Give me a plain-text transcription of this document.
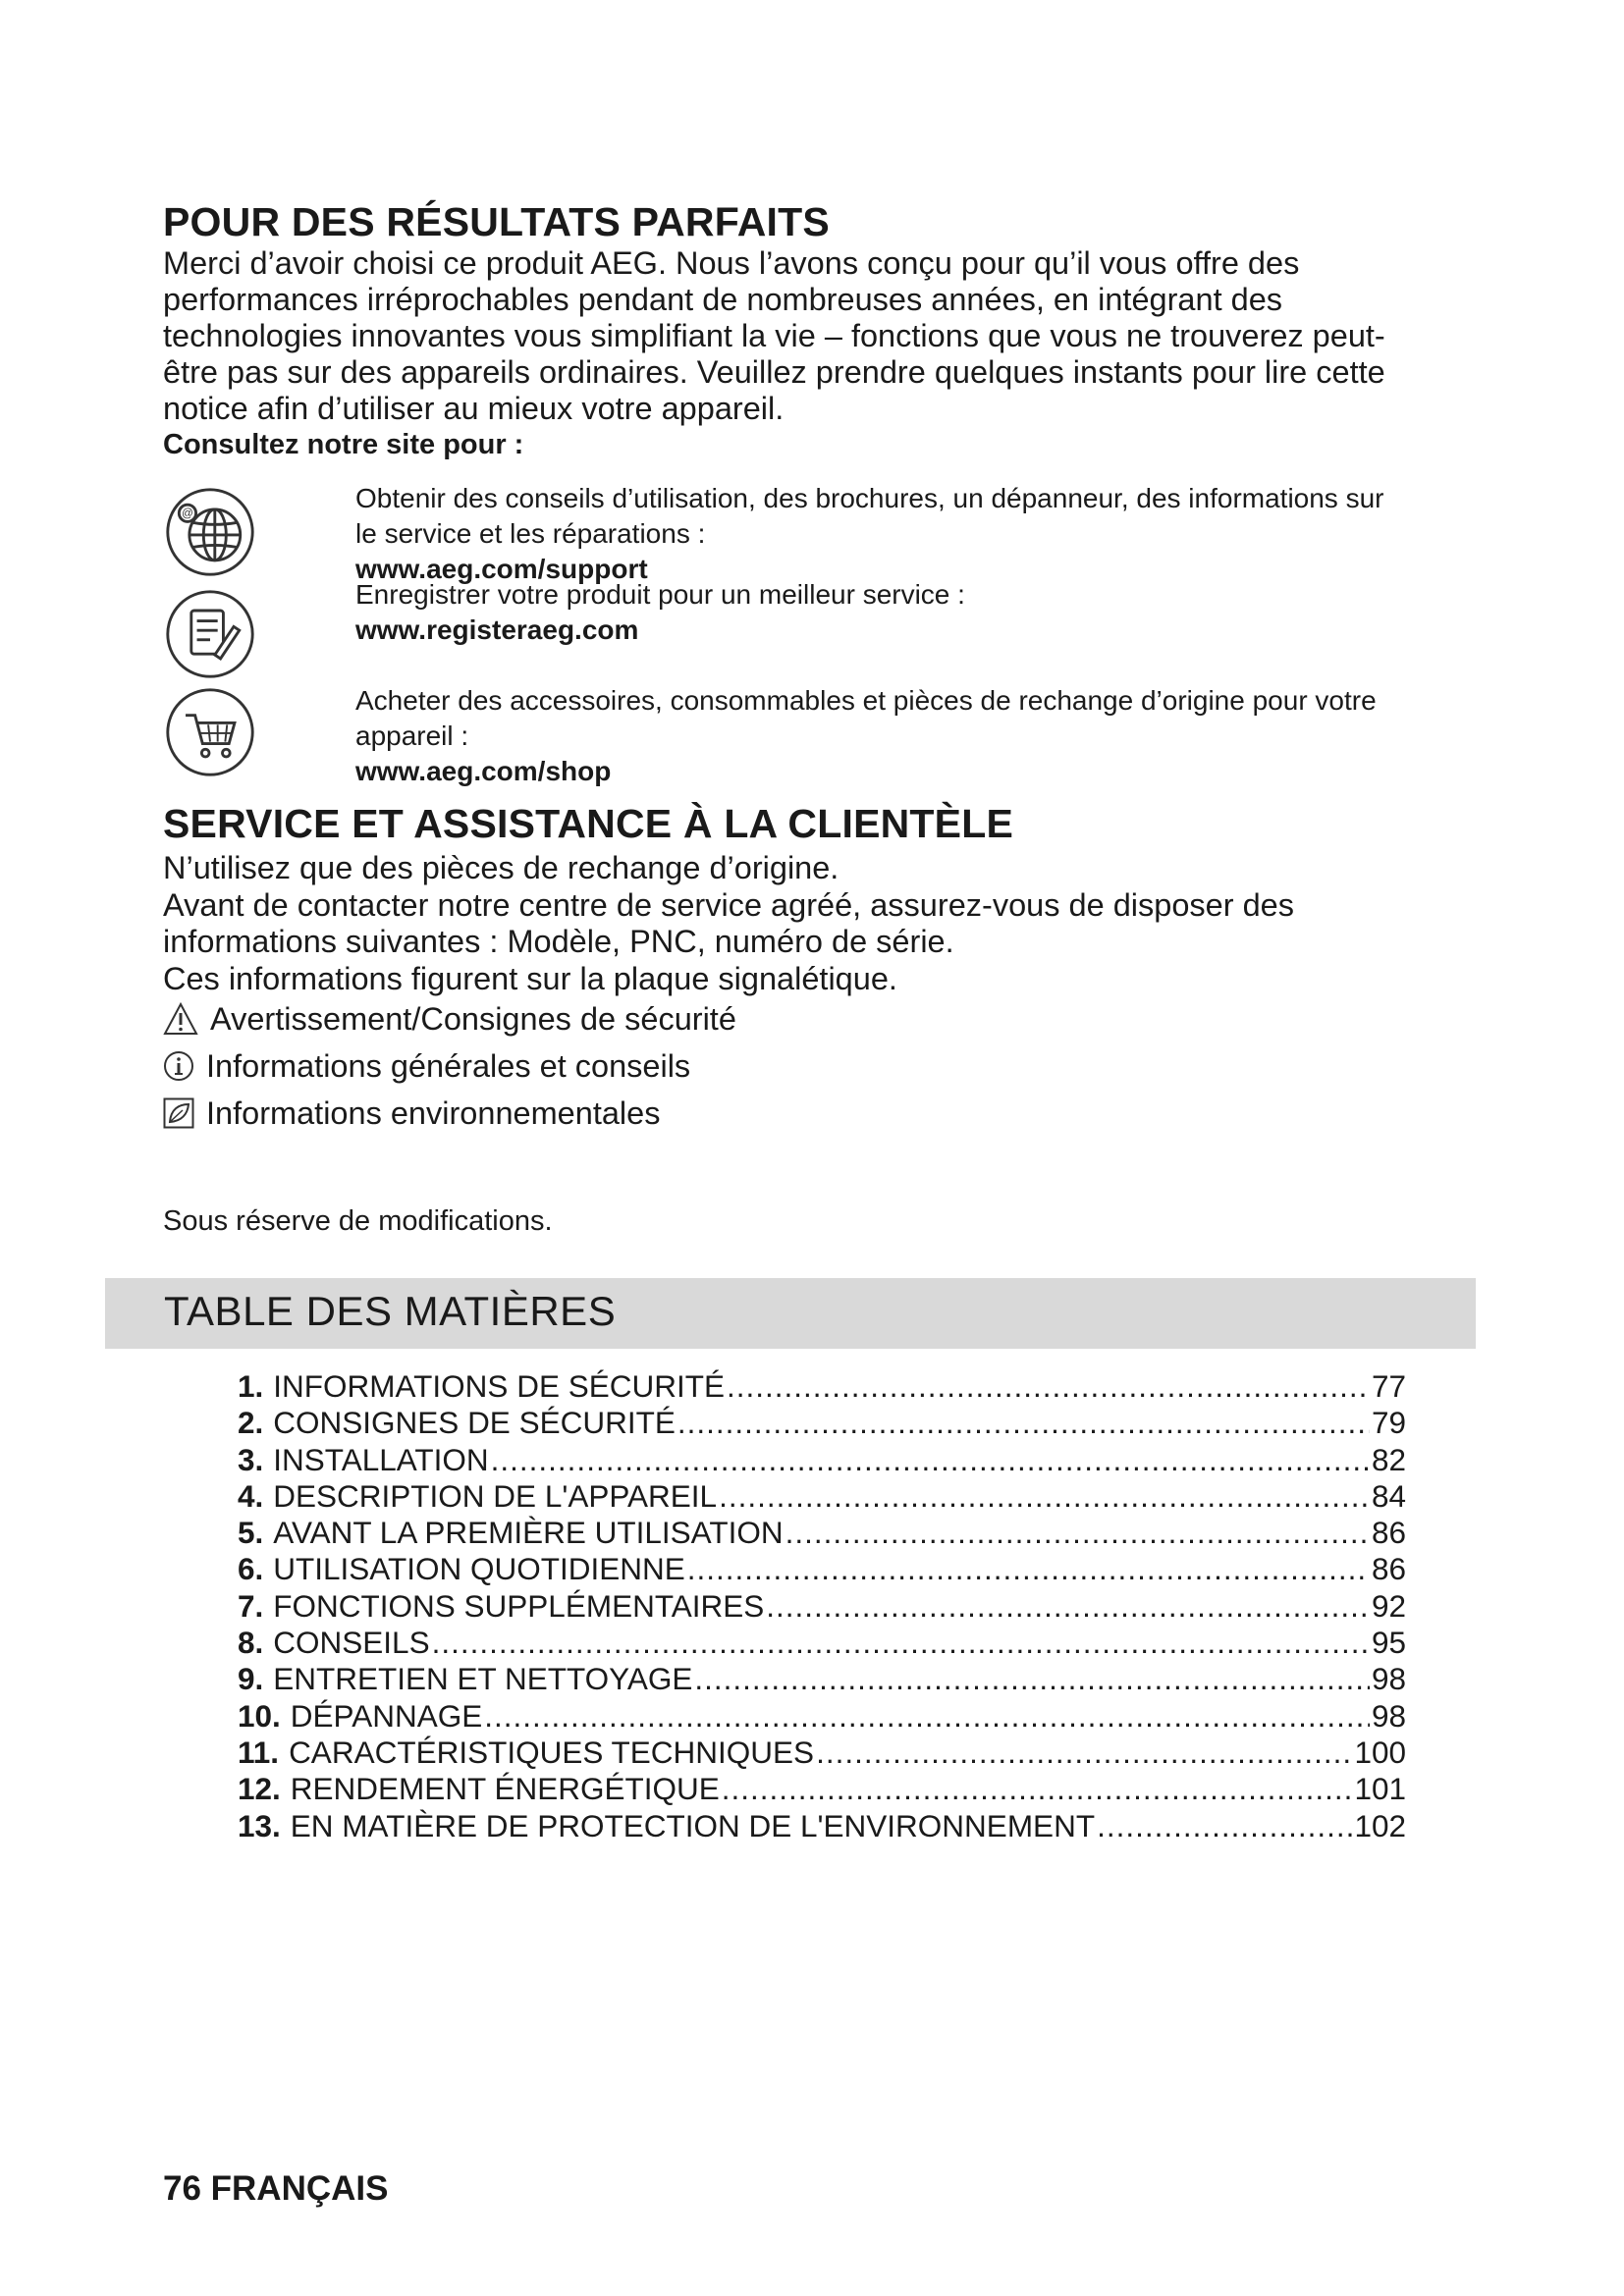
POUR DES RÉSULTATS PARFAITS

Merci d’avoir choisi ce produit AEG. Nous l’avons conçu pour qu’il vous offre des

performances irréprochables pendant de nombreuses années, en intégrant des

technologies innovantes vous simplifiant la vie – fonctions que vous ne trouverez peut-

être pas sur des appareils ordinaires. Veuillez prendre quelques instants pour lire cette

notice afin d’utiliser au mieux votre appareil.

Consultez notre site pour :

@
Obtenir des conseils d’utilisation, des brochures, un dépanneur, des informations sur
le service et les réparations :
www.aeg.com/support
Enregistrer votre produit pour un meilleur service :
www.registeraeg.com
Acheter des accessoires, consommables et pièces de rechange d’origine pour votre
appareil :
www.aeg.com/shop
SERVICE ET ASSISTANCE À LA CLIENTÈLE

N’utilisez que des pièces de rechange d’origine.

Avant de contacter notre centre de service agréé, assurez-vous de disposer des

informations suivantes : Modèle, PNC, numéro de série.

Ces informations figurent sur la plaque signalétique.

Avertissement/Consignes de sécurité
Informations générales et conseils
Informations environnementales
Sous réserve de modifications.
TABLE DES MATIÈRES
1. INFORMATIONS DE SÉCURITÉ .....	77
2. CONSIGNES DE SÉCURITÉ .....	79
3. INSTALLATION .....	82
4. DESCRIPTION DE L'APPAREIL .....	84
5. AVANT LA PREMIÈRE UTILISATION .....	86
6. UTILISATION QUOTIDIENNE .....	86
7. FONCTIONS SUPPLÉMENTAIRES .....	92
8. CONSEILS .....	95
9. ENTRETIEN ET NETTOYAGE .....	98
10. DÉPANNAGE .....	98
11. CARACTÉRISTIQUES TECHNIQUES .....	100
12. RENDEMENT ÉNERGÉTIQUE .....	101
13. EN MATIÈRE DE PROTECTION DE L'ENVIRONNEMENT .....	102
76 FRANÇAIS
